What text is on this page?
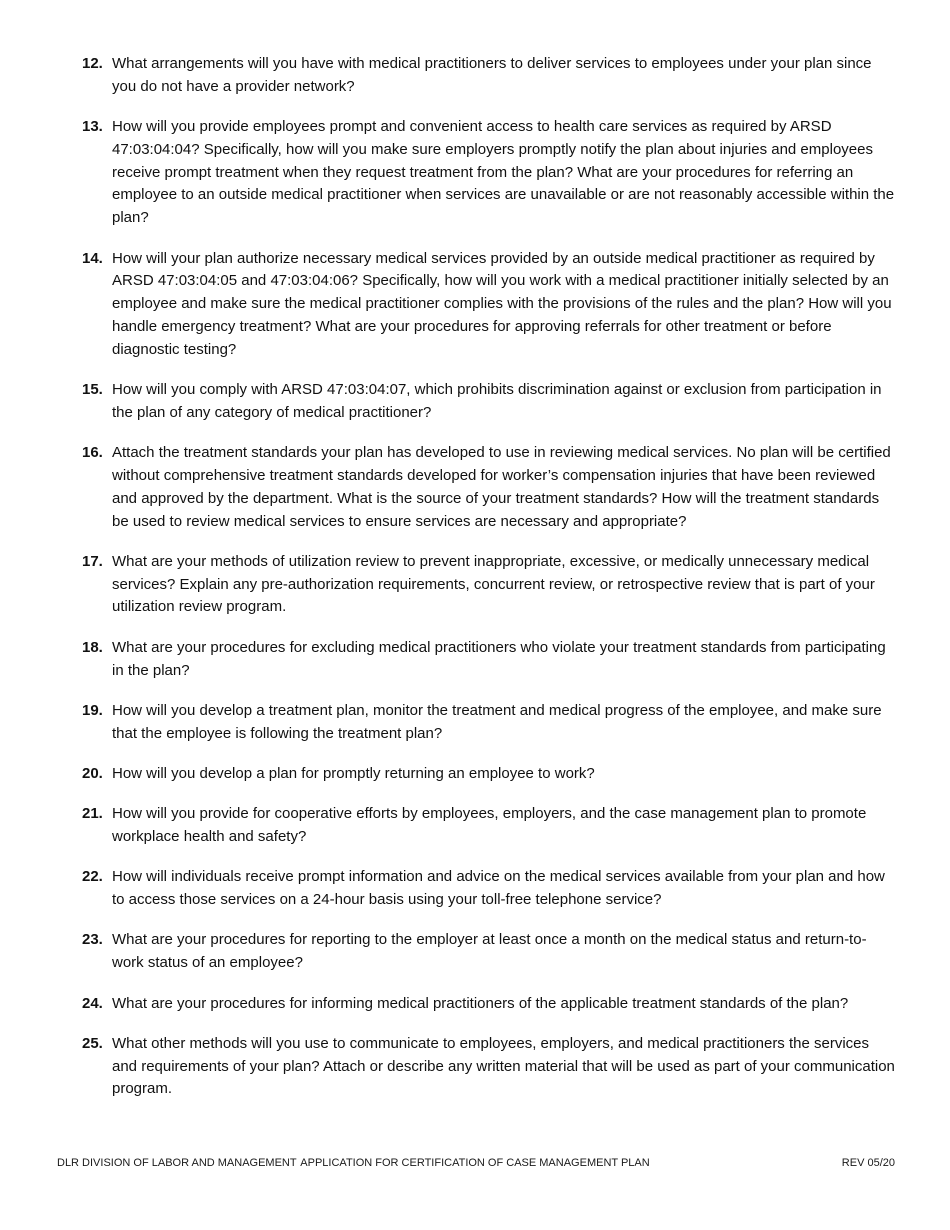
12. What arrangements will you have with medical practitioners to deliver services to employees under your plan since you do not have a provider network?
13. How will you provide employees prompt and convenient access to health care services as required by ARSD 47:03:04:04? Specifically, how will you make sure employers promptly notify the plan about injuries and employees receive prompt treatment when they request treatment from the plan? What are your procedures for referring an employee to an outside medical practitioner when services are unavailable or are not reasonably accessible within the plan?
14. How will your plan authorize necessary medical services provided by an outside medical practitioner as required by ARSD 47:03:04:05 and 47:03:04:06? Specifically, how will you work with a medical practitioner initially selected by an employee and make sure the medical practitioner complies with the provisions of the rules and the plan? How will you handle emergency treatment? What are your procedures for approving referrals for other treatment or before diagnostic testing?
15. How will you comply with ARSD 47:03:04:07, which prohibits discrimination against or exclusion from participation in the plan of any category of medical practitioner?
16. Attach the treatment standards your plan has developed to use in reviewing medical services. No plan will be certified without comprehensive treatment standards developed for worker’s compensation injuries that have been reviewed and approved by the department. What is the source of your treatment standards? How will the treatment standards be used to review medical services to ensure services are necessary and appropriate?
17. What are your methods of utilization review to prevent inappropriate, excessive, or medically unnecessary medical services? Explain any pre-authorization requirements, concurrent review, or retrospective review that is part of your utilization review program.
18. What are your procedures for excluding medical practitioners who violate your treatment standards from participating in the plan?
19. How will you develop a treatment plan, monitor the treatment and medical progress of the employee, and make sure that the employee is following the treatment plan?
20. How will you develop a plan for promptly returning an employee to work?
21. How will you provide for cooperative efforts by employees, employers, and the case management plan to promote workplace health and safety?
22. How will individuals receive prompt information and advice on the medical services available from your plan and how to access those services on a 24-hour basis using your toll-free telephone service?
23. What are your procedures for reporting to the employer at least once a month on the medical status and return-to-work status of an employee?
24. What are your procedures for informing medical practitioners of the applicable treatment standards of the plan?
25. What other methods will you use to communicate to employees, employers, and medical practitioners the services and requirements of your plan? Attach or describe any written material that will be used as part of your communication program.
DLR DIVISION OF LABOR AND MANAGEMENT APPLICATION FOR CERTIFICATION OF CASE MANAGEMENT PLAN	REV 05/20
